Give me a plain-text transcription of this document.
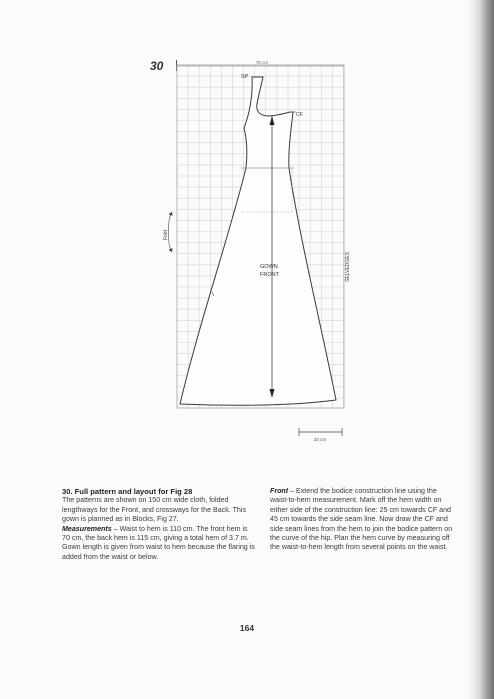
30	75 cm
SP
CF
GOWN
FRONT	SELVEDGES
Fold
20 cm

30. Full pattern and layout for Fig 28

The patterns are shown on 150 cm wide cloth, folded lengthways for the Front, and crossways for the Back. This gown is planned as in Blocks, Fig 27.

Measurements – Waist to hem is 110 cm. The front hem is 70 cm, the back hem is 115 cm, giving a total hem of 3.7 m. Gown length is given from waist to hem because the flaring is added from the waist or below.

Front – Extend the bodice construction line using the waist-to-hem measurement. Mark off the hem width on either side of the construction line: 25 cm towards CF and 45 cm towards the side seam line. Now draw the CF and side seam lines from the hem to join the bodice pattern on the curve of the hip. Plan the hem curve by measuring off the waist-to-hem length from several points on the waist.

164
